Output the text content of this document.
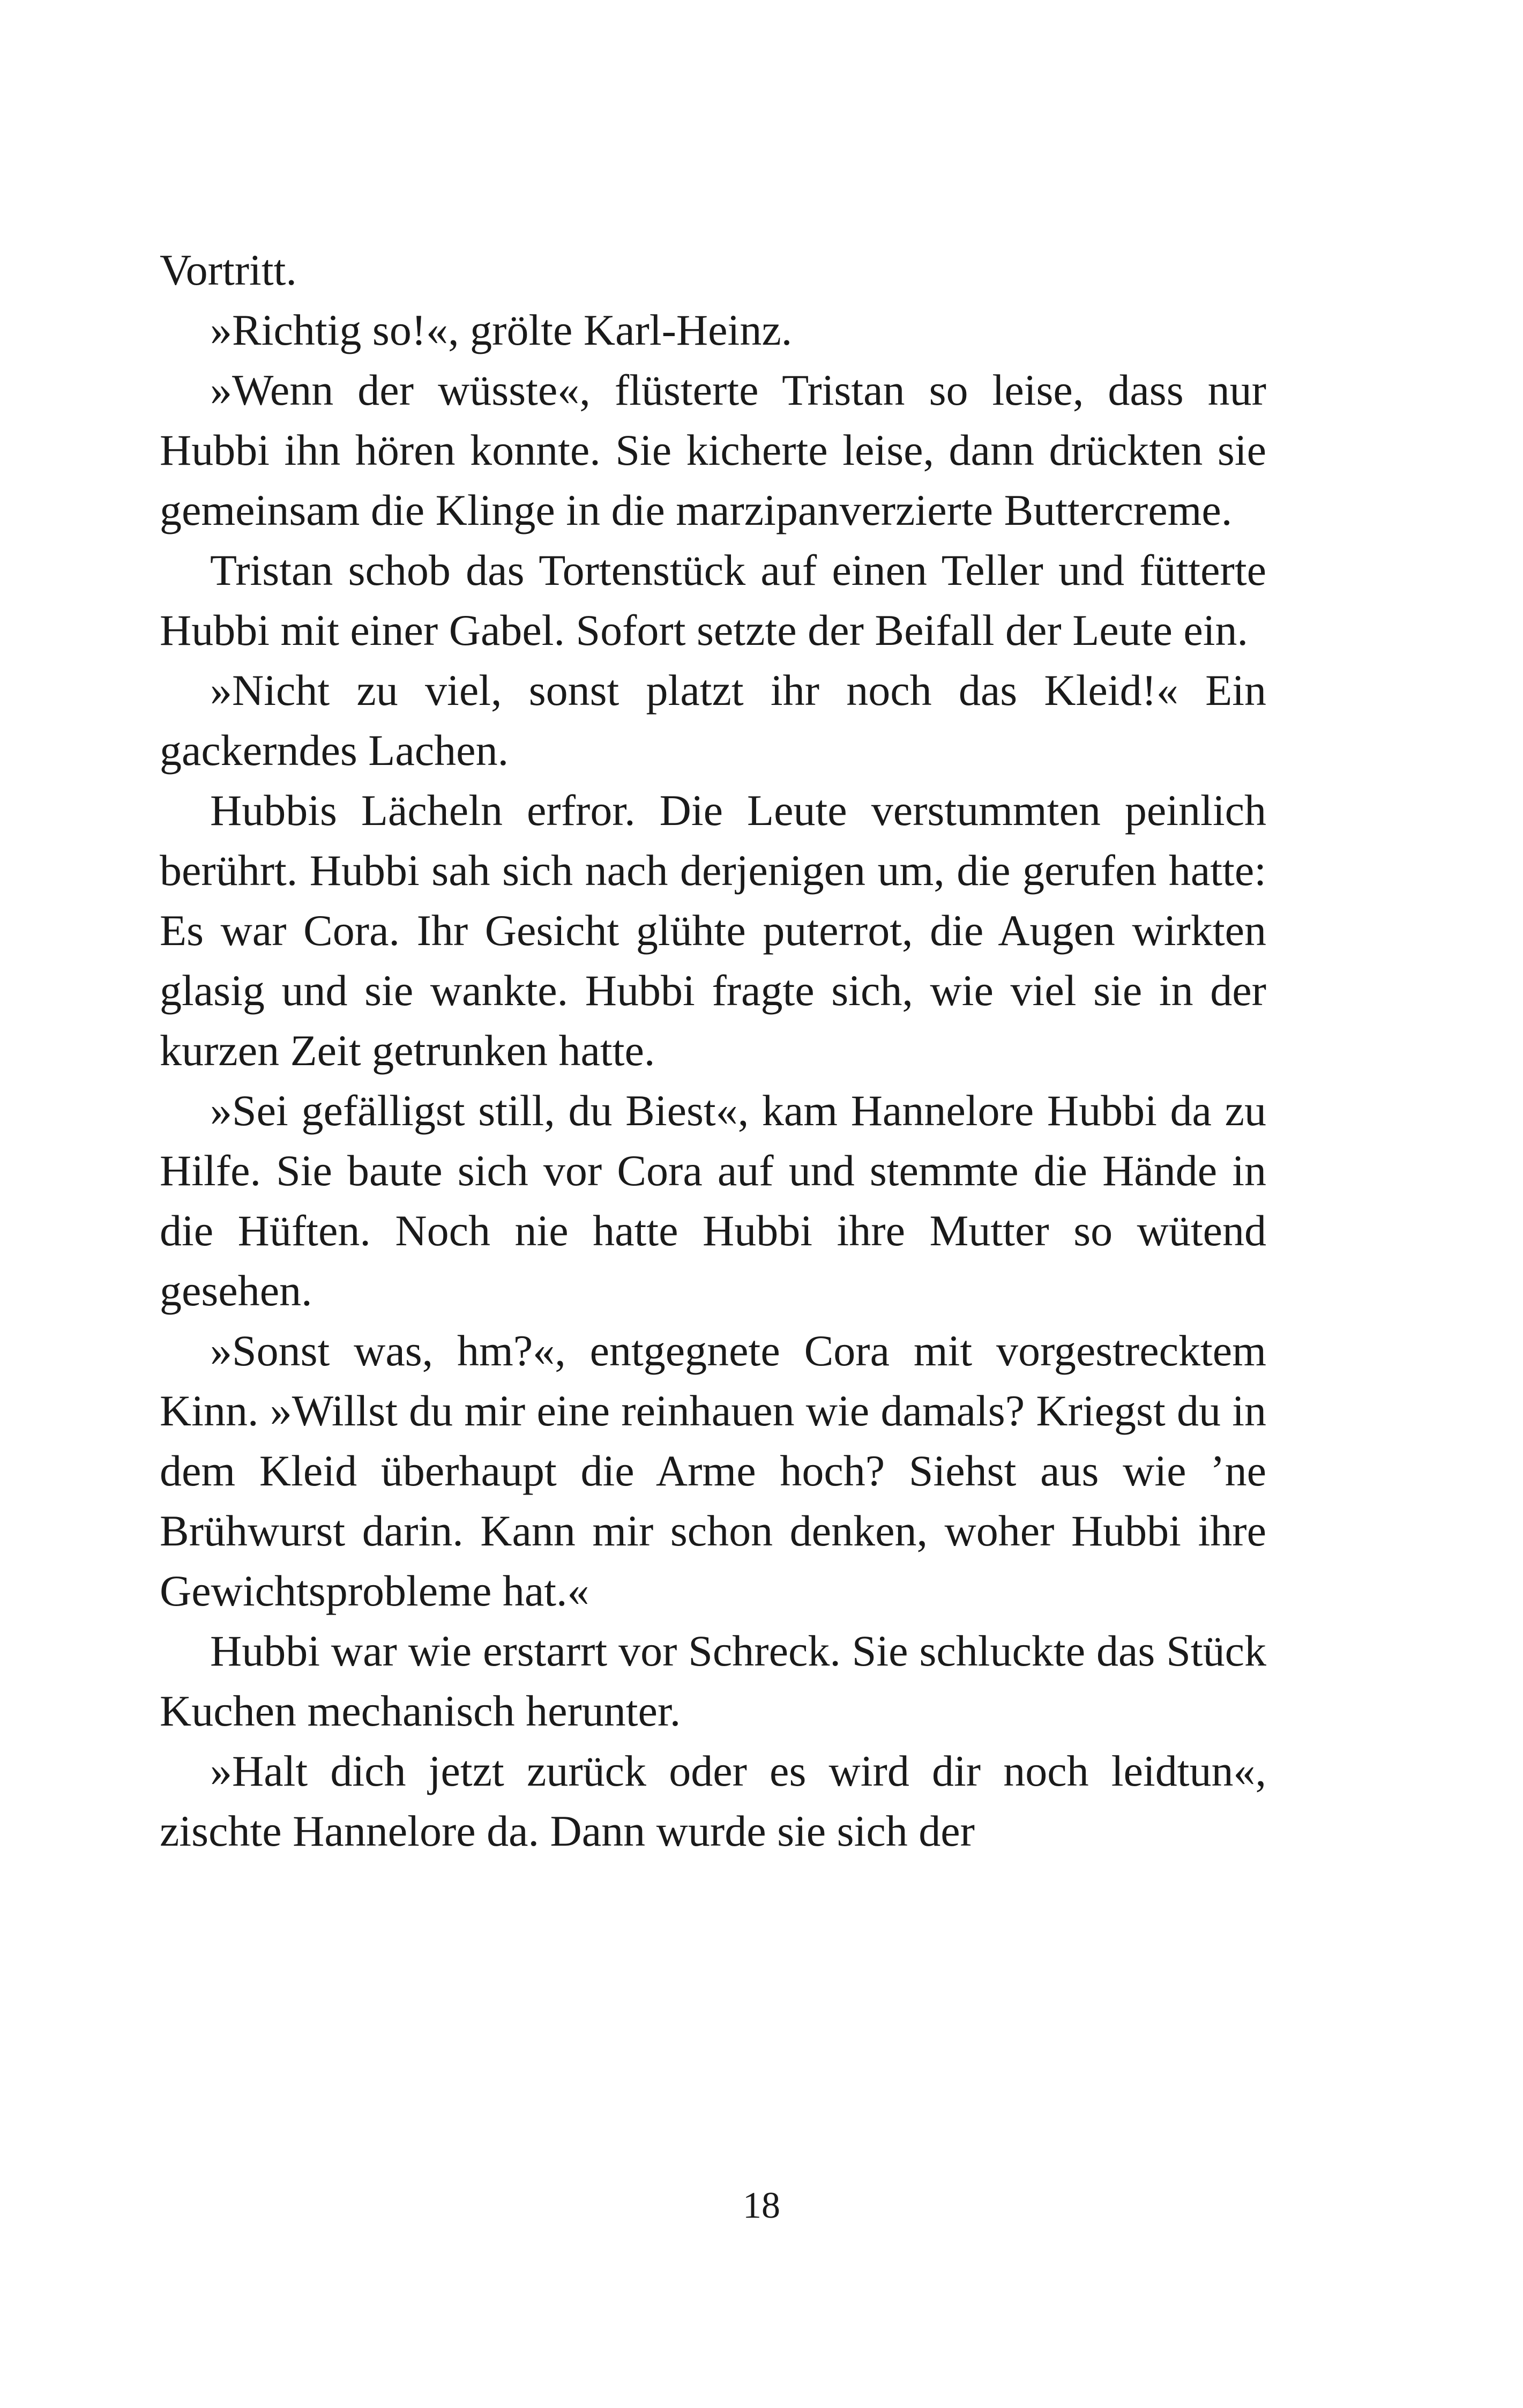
Vortritt.

»Richtig so!«, grölte Karl-Heinz.

»Wenn der wüsste«, flüsterte Tristan so leise, dass nur Hubbi ihn hören konnte. Sie kicherte leise, dann drückten sie gemeinsam die Klinge in die marzipanverzierte Buttercreme.

Tristan schob das Tortenstück auf einen Teller und fütterte Hubbi mit einer Gabel. Sofort setzte der Beifall der Leute ein.

»Nicht zu viel, sonst platzt ihr noch das Kleid!« Ein gackerndes Lachen.

Hubbis Lächeln erfror. Die Leute verstummten peinlich berührt. Hubbi sah sich nach derjenigen um, die gerufen hatte: Es war Cora. Ihr Gesicht glühte puterrot, die Augen wirkten glasig und sie wankte. Hubbi fragte sich, wie viel sie in der kurzen Zeit getrunken hatte.

»Sei gefälligst still, du Biest«, kam Hannelore Hubbi da zu Hilfe. Sie baute sich vor Cora auf und stemmte die Hände in die Hüften. Noch nie hatte Hubbi ihre Mutter so wütend gesehen.

»Sonst was, hm?«, entgegnete Cora mit vorgestrecktem Kinn. »Willst du mir eine reinhauen wie damals? Kriegst du in dem Kleid überhaupt die Arme hoch? Siehst aus wie ’ne Brühwurst darin. Kann mir schon denken, woher Hubbi ihre Gewichtsprobleme hat.«

Hubbi war wie erstarrt vor Schreck. Sie schluckte das Stück Kuchen mechanisch herunter.

»Halt dich jetzt zurück oder es wird dir noch leidtun«, zischte Hannelore da. Dann wurde sie sich der

18
